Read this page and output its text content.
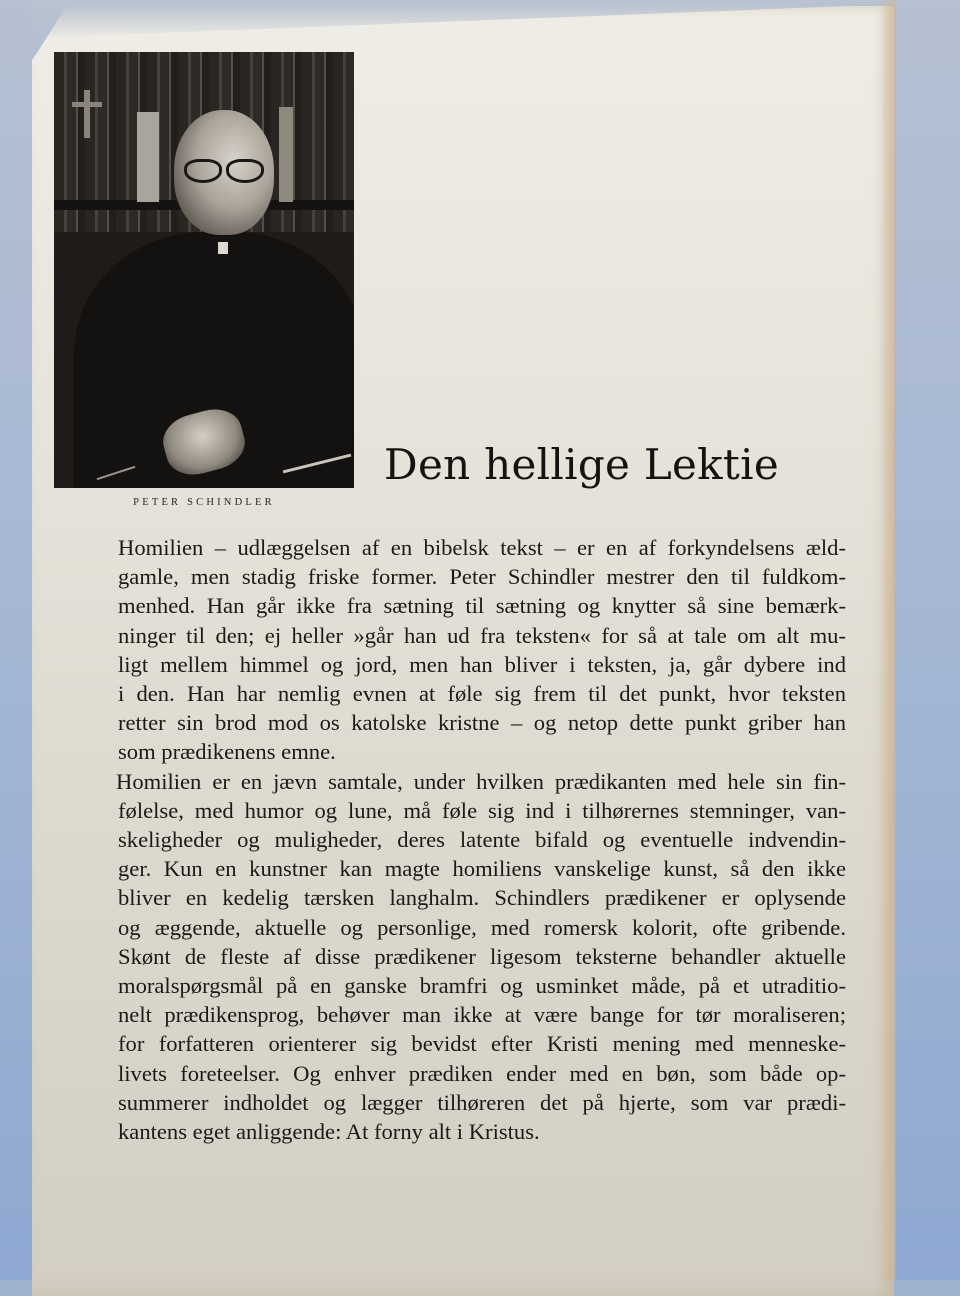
PETER SCHINDLER
Den hellige Lektie
Homilien – udlæggelsen af en bibelsk tekst – er en af forkyndelsens æld-
gamle, men stadig friske former. Peter Schindler mestrer den til fuldkom-
menhed. Han går ikke fra sætning til sætning og knytter så sine bemærk-
ninger til den; ej heller »går han ud fra teksten« for så at tale om alt mu-
ligt mellem himmel og jord, men han bliver i teksten, ja, går dybere ind
i den. Han har nemlig evnen at føle sig frem til det punkt, hvor teksten
retter sin brod mod os katolske kristne – og netop dette punkt griber han
som prædikenens emne.
Homilien er en jævn samtale, under hvilken prædikanten med hele sin fin-
følelse, med humor og lune, må føle sig ind i tilhørernes stemninger, van-
skeligheder og muligheder, deres latente bifald og eventuelle indvendin-
ger. Kun en kunstner kan magte homiliens vanskelige kunst, så den ikke
bliver en kedelig tærsken langhalm. Schindlers prædikener er oplysende
og æggende, aktuelle og personlige, med romersk kolorit, ofte gribende.
Skønt de fleste af disse prædikener ligesom teksterne behandler aktuelle
moralspørgsmål på en ganske bramfri og usminket måde, på et utraditio-
nelt prædikensprog, behøver man ikke at være bange for tør moraliseren;
for forfatteren orienterer sig bevidst efter Kristi mening med menneske-
livets foreteelser. Og enhver prædiken ender med en bøn, som både op-
summerer indholdet og lægger tilhøreren det på hjerte, som var prædi-
kantens eget anliggende: At forny alt i Kristus.
